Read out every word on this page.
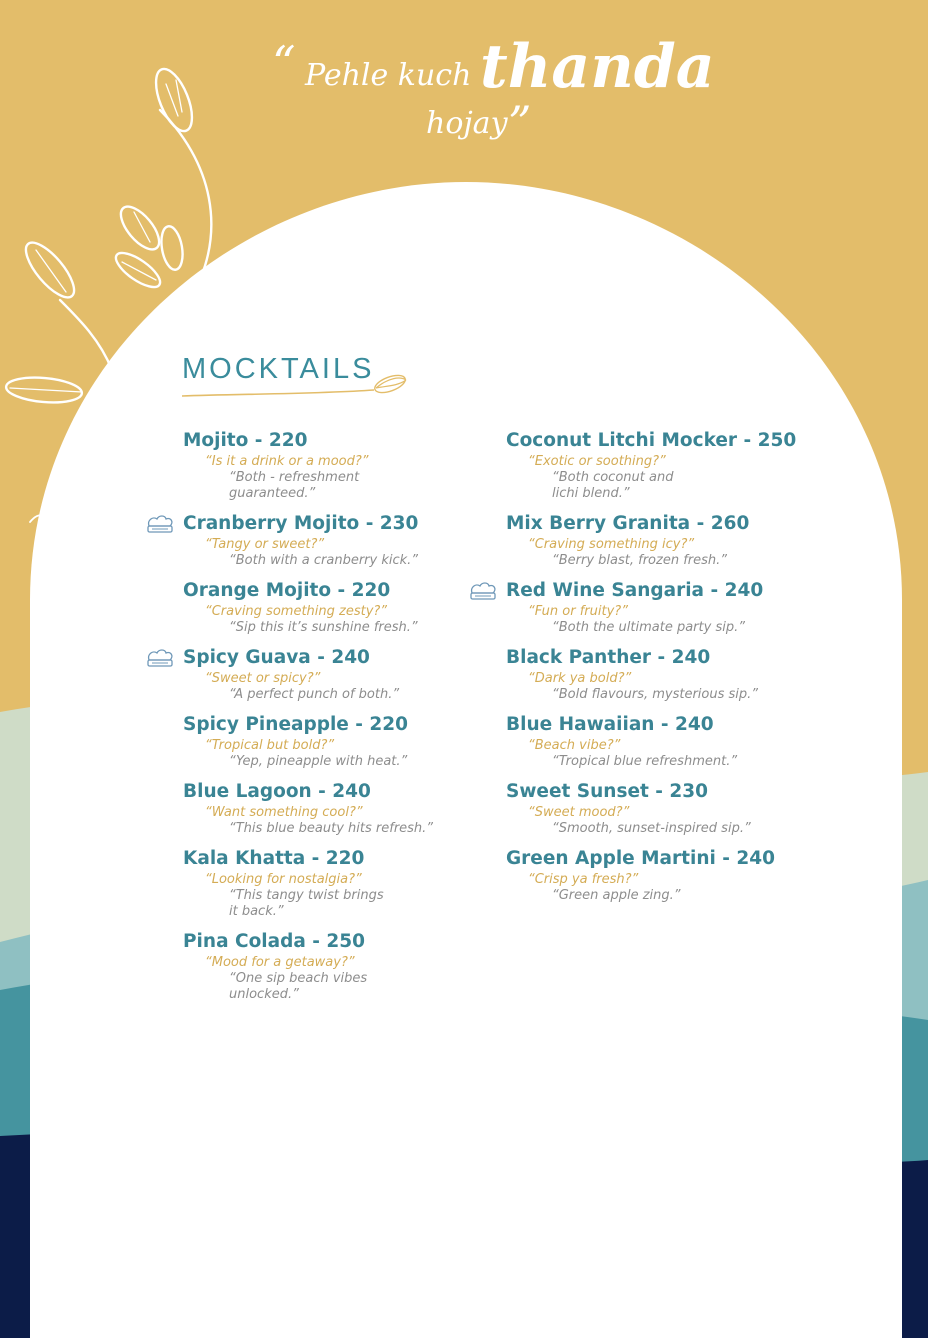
“ Pehle kuch thanda
hojay ”
MOCKTAILS
Mojito - 220
“Is it a drink or a mood?”
“Both - refreshment
guaranteed.”
Cranberry Mojito - 230
“Tangy or sweet?”
“Both with a cranberry kick.”
Orange Mojito - 220
“Craving something zesty?”
“Sip this it’s sunshine fresh.”
Spicy Guava - 240
“Sweet or spicy?”
“A perfect punch of both.”
Spicy Pineapple - 220
“Tropical but bold?”
“Yep, pineapple with heat.”
Blue Lagoon - 240
“Want something cool?”
“This blue beauty hits refresh.”
Kala Khatta - 220
“Looking for nostalgia?”
“This tangy twist brings
it back.”
Pina Colada - 250
“Mood for a getaway?”
“One sip beach vibes
unlocked.”
Coconut Litchi Mocker - 250
“Exotic or soothing?”
“Both coconut and
lichi blend.”
Mix Berry Granita - 260
“Craving something icy?”
“Berry blast, frozen fresh.”
Red Wine Sangaria - 240
“Fun or fruity?”
“Both the ultimate party sip.”
Black Panther - 240
“Dark ya bold?”
“Bold flavours, mysterious sip.”
Blue Hawaiian - 240
“Beach vibe?”
“Tropical blue refreshment.”
Sweet Sunset - 230
“Sweet mood?”
“Smooth, sunset-inspired sip.”
Green Apple Martini - 240
“Crisp ya fresh?”
“Green apple zing.”
